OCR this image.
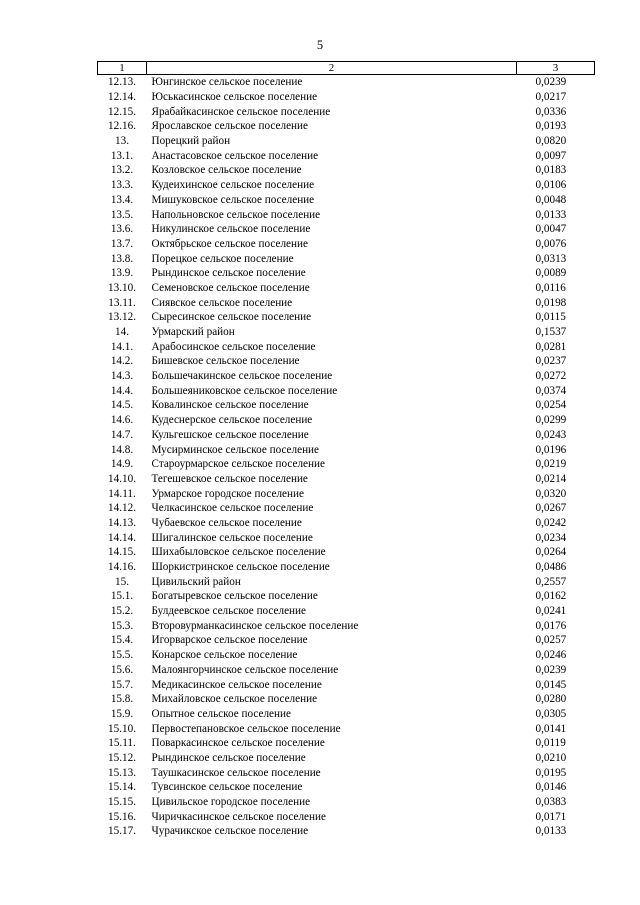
5
1	2	3
12.13.	Юнгинское сельское поселение	0,0239
12.14.	Юськасинское сельское поселение	0,0217
12.15.	Ярабайкасинское сельское поселение	0,0336
12.16.	Ярославское сельское поселение	0,0193
13.	Порецкий район	0,0820
13.1.	Анастасовское сельское поселение	0,0097
13.2.	Козловское сельское поселение	0,0183
13.3.	Кудеихинское сельское поселение	0,0106
13.4.	Мишуковское сельское поселение	0,0048
13.5.	Напольновское сельское поселение	0,0133
13.6.	Никулинское сельское поселение	0,0047
13.7.	Октябрьское сельское поселение	0,0076
13.8.	Порецкое сельское поселение	0,0313
13.9.	Рындинское сельское поселение	0,0089
13.10.	Семеновское сельское поселение	0,0116
13.11.	Сиявское сельское поселение	0,0198
13.12.	Сыресинское сельское поселение	0,0115
14.	Урмарский район	0,1537
14.1.	Арабосинское сельское поселение	0,0281
14.2.	Бишевское сельское поселение	0,0237
14.3.	Большечакинское сельское поселение	0,0272
14.4.	Большеяниковское сельское поселение	0,0374
14.5.	Ковалинское сельское поселение	0,0254
14.6.	Кудеснерское сельское поселение	0,0299
14.7.	Кульгешское сельское поселение	0,0243
14.8.	Мусирминское сельское поселение	0,0196
14.9.	Староурмарское сельское поселение	0,0219
14.10.	Тегешевское сельское поселение	0,0214
14.11.	Урмарское городское поселение	0,0320
14.12.	Челкасинское сельское поселение	0,0267
14.13.	Чубаевское сельское поселение	0,0242
14.14.	Шигалинское сельское поселение	0,0234
14.15.	Шихабыловское сельское поселение	0,0264
14.16.	Шоркистринское сельское поселение	0,0486
15.	Цивильский район	0,2557
15.1.	Богатыревское сельское поселение	0,0162
15.2.	Булдеевское сельское поселение	0,0241
15.3.	Второвурманкасинское сельское поселение	0,0176
15.4.	Игорварское сельское поселение	0,0257
15.5.	Конарское сельское поселение	0,0246
15.6.	Малоянгорчинское сельское поселение	0,0239
15.7.	Медикасинское сельское поселение	0,0145
15.8.	Михайловское сельское поселение	0,0280
15.9.	Опытное сельское поселение	0,0305
15.10.	Первостепановское сельское поселение	0,0141
15.11.	Поваркасинское сельское поселение	0,0119
15.12.	Рындинское сельское поселение	0,0210
15.13.	Таушкасинское сельское поселение	0,0195
15.14.	Тувсинское сельское поселение	0,0146
15.15.	Цивильское городское поселение	0,0383
15.16.	Чиричкасинское сельское поселение	0,0171
15.17.	Чурачикское сельское поселение	0,0133
